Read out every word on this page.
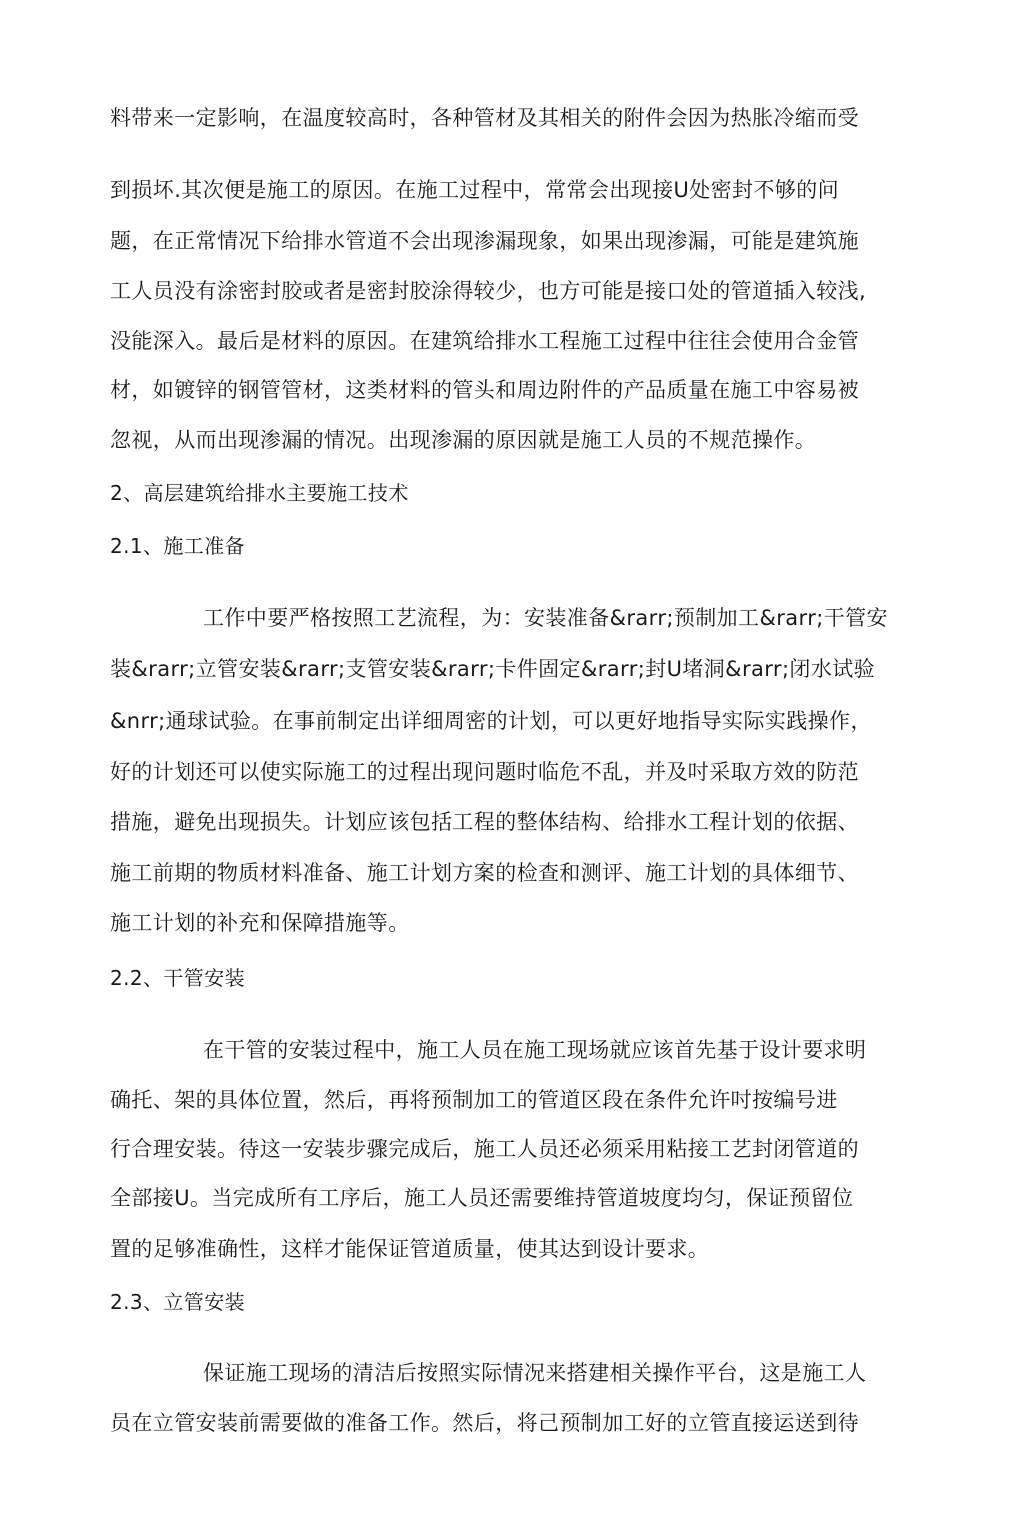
料带来一定影响，在温度较高时，各种管材及其相关的附件会因为热胀冷缩而受
到损坏.其次便是施工的原因。在施工过程中，常常会出现接U处密封不够的问
题，在正常情况下给排水管道不会出现渗漏现象，如果出现渗漏，可能是建筑施
工人员没有涂密封胶或者是密封胶涂得较少，也方可能是接口处的管道插入较浅,
没能深入。最后是材料的原因。在建筑给排水工程施工过程中往往会使用合金管
材，如镀锌的钢管管材，这类材料的管头和周边附件的产品质量在施工中容易被
忽视，从而出现渗漏的情况。出现渗漏的原因就是施工人员的不规范操作。
2、高层建筑给排水主要施工技术
2.1、施工准备
工作中要严格按照工艺流程，为：安装准备&rarr;预制加工&rarr;干管安
装&rarr;立管安装&rarr;支管安装&rarr;卡件固定&rarr;封U堵洞&rarr;闭水试验
&nrr;通球试验。在事前制定出详细周密的计划，可以更好地指导实际实践操作，
好的计划还可以使实际施工的过程出现问题时临危不乱，并及吋采取方效的防范
措施，避免出现损失。计划应该包括工程的整体结构、给排水工程计划的依据、
施工前期的物质材料准备、施工计划方案的检查和测评、施工计划的具体细节、
施工计划的补充和保障措施等。
2.2、干管安装
在干管的安装过程中，施工人员在施工现场就应该首先基于设计要求明
确托、架的具体位置，然后，再将预制加工的管道区段在条件允许吋按编号进
行合理安装。待这一安装步骤完成后，施工人员还必须采用粘接工艺封闭管道的
全部接U。当完成所有工序后，施工人员还需要维持管道坡度均匀，保证预留位
置的足够准确性，这样才能保证管道质量，使其达到设计要求。
2.3、立管安装
保证施工现场的清洁后按照实际情况来搭建相关操作平台，这是施工人
员在立管安装前需要做的准备工作。然后，将己预制加工好的立管直接运送到待
